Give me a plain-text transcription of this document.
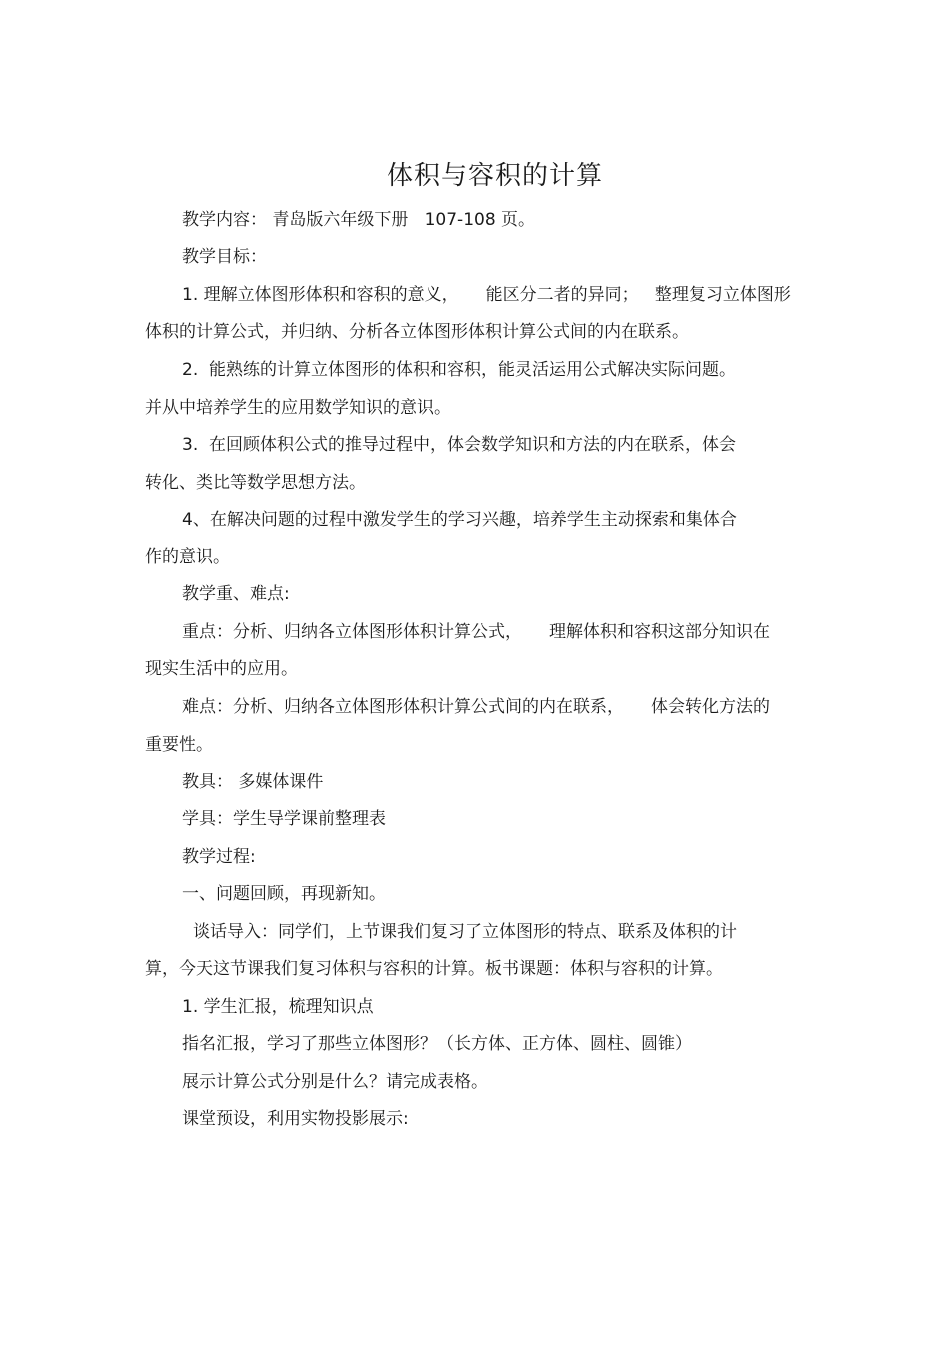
体积与容积的计算
教学内容： 青岛版六年级下册   107-108 页。
教学目标：
1. 理解立体图形体积和容积的意义，     能区分二者的异同；   整理复习立体图形
体积的计算公式，并归纳、分析各立体图形体积计算公式间的内在联系。
2.  能熟练的计算立体图形的体积和容积，能灵活运用公式解决实际问题。
并从中培养学生的应用数学知识的意识。
3.  在回顾体积公式的推导过程中，体会数学知识和方法的内在联系，体会
转化、类比等数学思想方法。
4、在解决问题的过程中激发学生的学习兴趣，培养学生主动探索和集体合
作的意识。
教学重、难点:
重点：分析、归纳各立体图形体积计算公式，     理解体积和容积这部分知识在
现实生活中的应用。
难点：分析、归纳各立体图形体积计算公式间的内在联系，     体会转化方法的
重要性。
教具： 多媒体课件
学具：学生导学课前整理表
教学过程:
一、问题回顾，再现新知。
谈话导入：同学们，上节课我们复习了立体图形的特点、联系及体积的计
算，今天这节课我们复习体积与容积的计算。板书课题：体积与容积的计算。
1. 学生汇报，梳理知识点
指名汇报，学习了那些立体图形？（长方体、正方体、圆柱、圆锥）
展示计算公式分别是什么？请完成表格。
课堂预设，利用实物投影展示:
